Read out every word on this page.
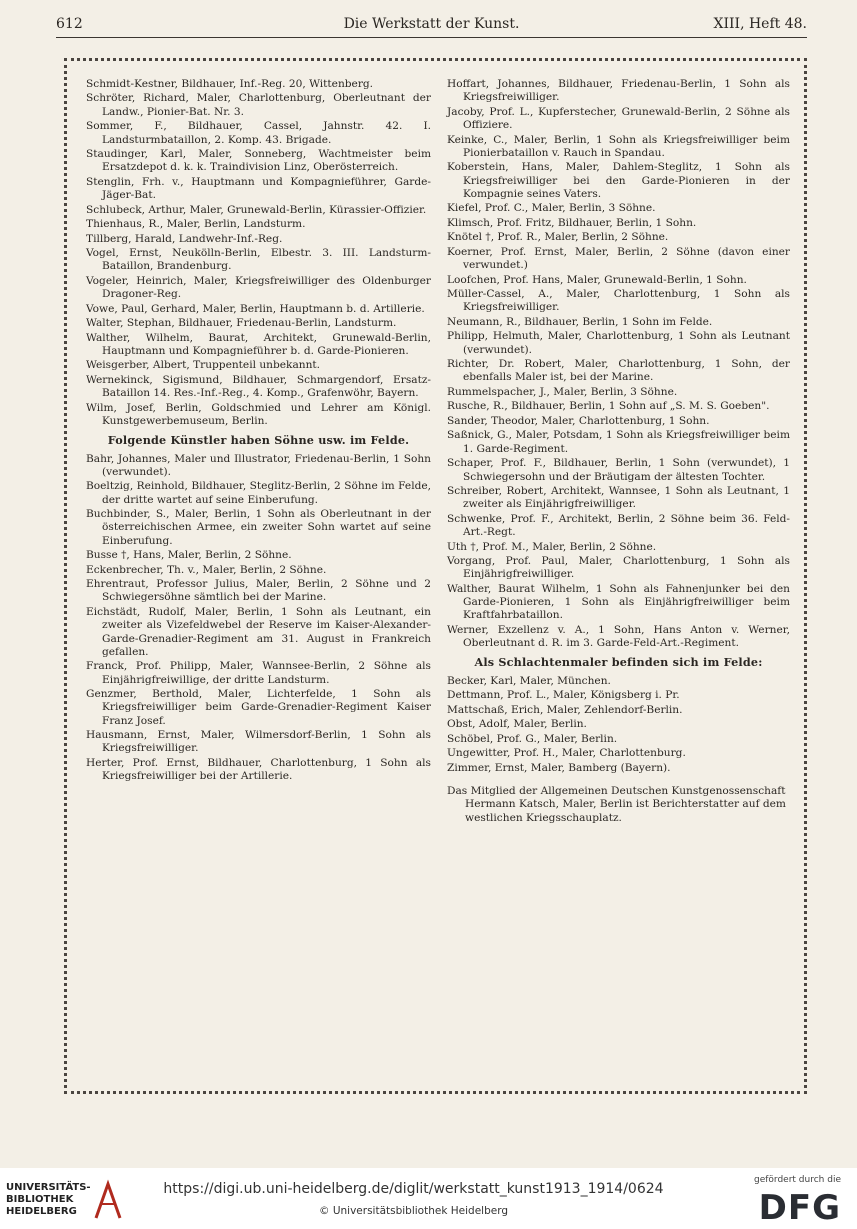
612	Die Werkstatt der Kunst.	XIII, Heft 48.
Schmidt-Kestner, Bildhauer, Inf.-Reg. 20, Wittenberg.
Schröter, Richard, Maler, Charlottenburg, Oberleutnant der Landw., Pionier-Bat. Nr. 3.
Sommer, F., Bildhauer, Cassel, Jahnstr. 42. I. Landsturmbataillon, 2. Komp. 43. Brigade.
Staudinger, Karl, Maler, Sonneberg, Wachtmeister beim Ersatzdepot d. k. k. Traindivision Linz, Oberösterreich.
Stenglin, Frh. v., Hauptmann und Kompagnieführer, Garde-Jäger-Bat.
Schlubeck, Arthur, Maler, Grunewald-Berlin, Kürassier-Offizier.
Thienhaus, R., Maler, Berlin, Landsturm.
Tillberg, Harald, Landwehr-Inf.-Reg.
Vogel, Ernst, Neukölln-Berlin, Elbestr. 3. III. Landsturm-Bataillon, Brandenburg.
Vogeler, Heinrich, Maler, Kriegsfreiwilliger des Oldenburger Dragoner-Reg.
Vowe, Paul, Gerhard, Maler, Berlin, Hauptmann b. d. Artillerie.
Walter, Stephan, Bildhauer, Friedenau-Berlin, Landsturm.
Walther, Wilhelm, Baurat, Architekt, Grunewald-Berlin, Hauptmann und Kompagnieführer b. d. Garde-Pionieren.
Weisgerber, Albert, Truppenteil unbekannt.
Wernekinck, Sigismund, Bildhauer, Schmargendorf, Ersatz-Bataillon 14. Res.-Inf.-Reg., 4. Komp., Grafenwöhr, Bayern.
Wilm, Josef, Berlin, Goldschmied und Lehrer am Königl. Kunstgewerbemuseum, Berlin.
Folgende Künstler haben Söhne usw. im Felde.
Bahr, Johannes, Maler und Illustrator, Friedenau-Berlin, 1 Sohn (verwundet).
Boeltzig, Reinhold, Bildhauer, Steglitz-Berlin, 2 Söhne im Felde, der dritte wartet auf seine Einberufung.
Buchbinder, S., Maler, Berlin, 1 Sohn als Oberleutnant in der österreichischen Armee, ein zweiter Sohn wartet auf seine Einberufung.
Busse †, Hans, Maler, Berlin, 2 Söhne.
Eckenbrecher, Th. v., Maler, Berlin, 2 Söhne.
Ehrentraut, Professor Julius, Maler, Berlin, 2 Söhne und 2 Schwiegersöhne sämtlich bei der Marine.
Eichstädt, Rudolf, Maler, Berlin, 1 Sohn als Leutnant, ein zweiter als Vizefeldwebel der Reserve im Kaiser-Alexander-Garde-Grenadier-Regiment am 31. August in Frankreich gefallen.
Franck, Prof. Philipp, Maler, Wannsee-Berlin, 2 Söhne als Einjährigfreiwillige, der dritte Landsturm.
Genzmer, Berthold, Maler, Lichterfelde, 1 Sohn als Kriegsfreiwilliger beim Garde-Grenadier-Regiment Kaiser Franz Josef.
Hausmann, Ernst, Maler, Wilmersdorf-Berlin, 1 Sohn als Kriegsfreiwilliger.
Herter, Prof. Ernst, Bildhauer, Charlottenburg, 1 Sohn als Kriegsfreiwilliger bei der Artillerie.
Hoffart, Johannes, Bildhauer, Friedenau-Berlin, 1 Sohn als Kriegsfreiwilliger.
Jacoby, Prof. L., Kupferstecher, Grunewald-Berlin, 2 Söhne als Offiziere.
Keinke, C., Maler, Berlin, 1 Sohn als Kriegsfreiwilliger beim Pionierbataillon v. Rauch in Spandau.
Koberstein, Hans, Maler, Dahlem-Steglitz, 1 Sohn als Kriegsfreiwilliger bei den Garde-Pionieren in der Kompagnie seines Vaters.
Kiefel, Prof. C., Maler, Berlin, 3 Söhne.
Klimsch, Prof. Fritz, Bildhauer, Berlin, 1 Sohn.
Knötel †, Prof. R., Maler, Berlin, 2 Söhne.
Koerner, Prof. Ernst, Maler, Berlin, 2 Söhne (davon einer verwundet.)
Loofchen, Prof. Hans, Maler, Grunewald-Berlin, 1 Sohn.
Müller-Cassel, A., Maler, Charlottenburg, 1 Sohn als Kriegsfreiwilliger.
Neumann, R., Bildhauer, Berlin, 1 Sohn im Felde.
Philipp, Helmuth, Maler, Charlottenburg, 1 Sohn als Leutnant (verwundet).
Richter, Dr. Robert, Maler, Charlottenburg, 1 Sohn, der ebenfalls Maler ist, bei der Marine.
Rummelspacher, J., Maler, Berlin, 3 Söhne.
Rusche, R., Bildhauer, Berlin, 1 Sohn auf „S. M. S. Goeben".
Sander, Theodor, Maler, Charlottenburg, 1 Sohn.
Saßnick, G., Maler, Potsdam, 1 Sohn als Kriegsfreiwilliger beim 1. Garde-Regiment.
Schaper, Prof. F., Bildhauer, Berlin, 1 Sohn (verwundet), 1 Schwiegersohn und der Bräutigam der ältesten Tochter.
Schreiber, Robert, Architekt, Wannsee, 1 Sohn als Leutnant, 1 zweiter als Einjährigfreiwilliger.
Schwenke, Prof. F., Architekt, Berlin, 2 Söhne beim 36. Feld-Art.-Regt.
Uth †, Prof. M., Maler, Berlin, 2 Söhne.
Vorgang, Prof. Paul, Maler, Charlottenburg, 1 Sohn als Einjährigfreiwilliger.
Walther, Baurat Wilhelm, 1 Sohn als Fahnenjunker bei den Garde-Pionieren, 1 Sohn als Einjährigfreiwilliger beim Kraftfahrbataillon.
Werner, Exzellenz v. A., 1 Sohn, Hans Anton v. Werner, Oberleutnant d. R. im 3. Garde-Feld-Art.-Regiment.
Als Schlachtenmaler befinden sich im Felde:
Becker, Karl, Maler, München.
Dettmann, Prof. L., Maler, Königsberg i. Pr.
Mattschaß, Erich, Maler, Zehlendorf-Berlin.
Obst, Adolf, Maler, Berlin.
Schöbel, Prof. G., Maler, Berlin.
Ungewitter, Prof. H., Maler, Charlottenburg.
Zimmer, Ernst, Maler, Bamberg (Bayern).
Das Mitglied der Allgemeinen Deutschen Kunstgenossenschaft Hermann Katsch, Maler, Berlin ist Berichterstatter auf dem westlichen Kriegsschauplatz.
UNIVERSITÄTS-
BIBLIOTHEK
HEIDELBERG
https://digi.ub.uni-heidelberg.de/diglit/werkstatt_kunst1913_1914/0624
© Universitätsbibliothek Heidelberg
gefördert durch die
DFG
